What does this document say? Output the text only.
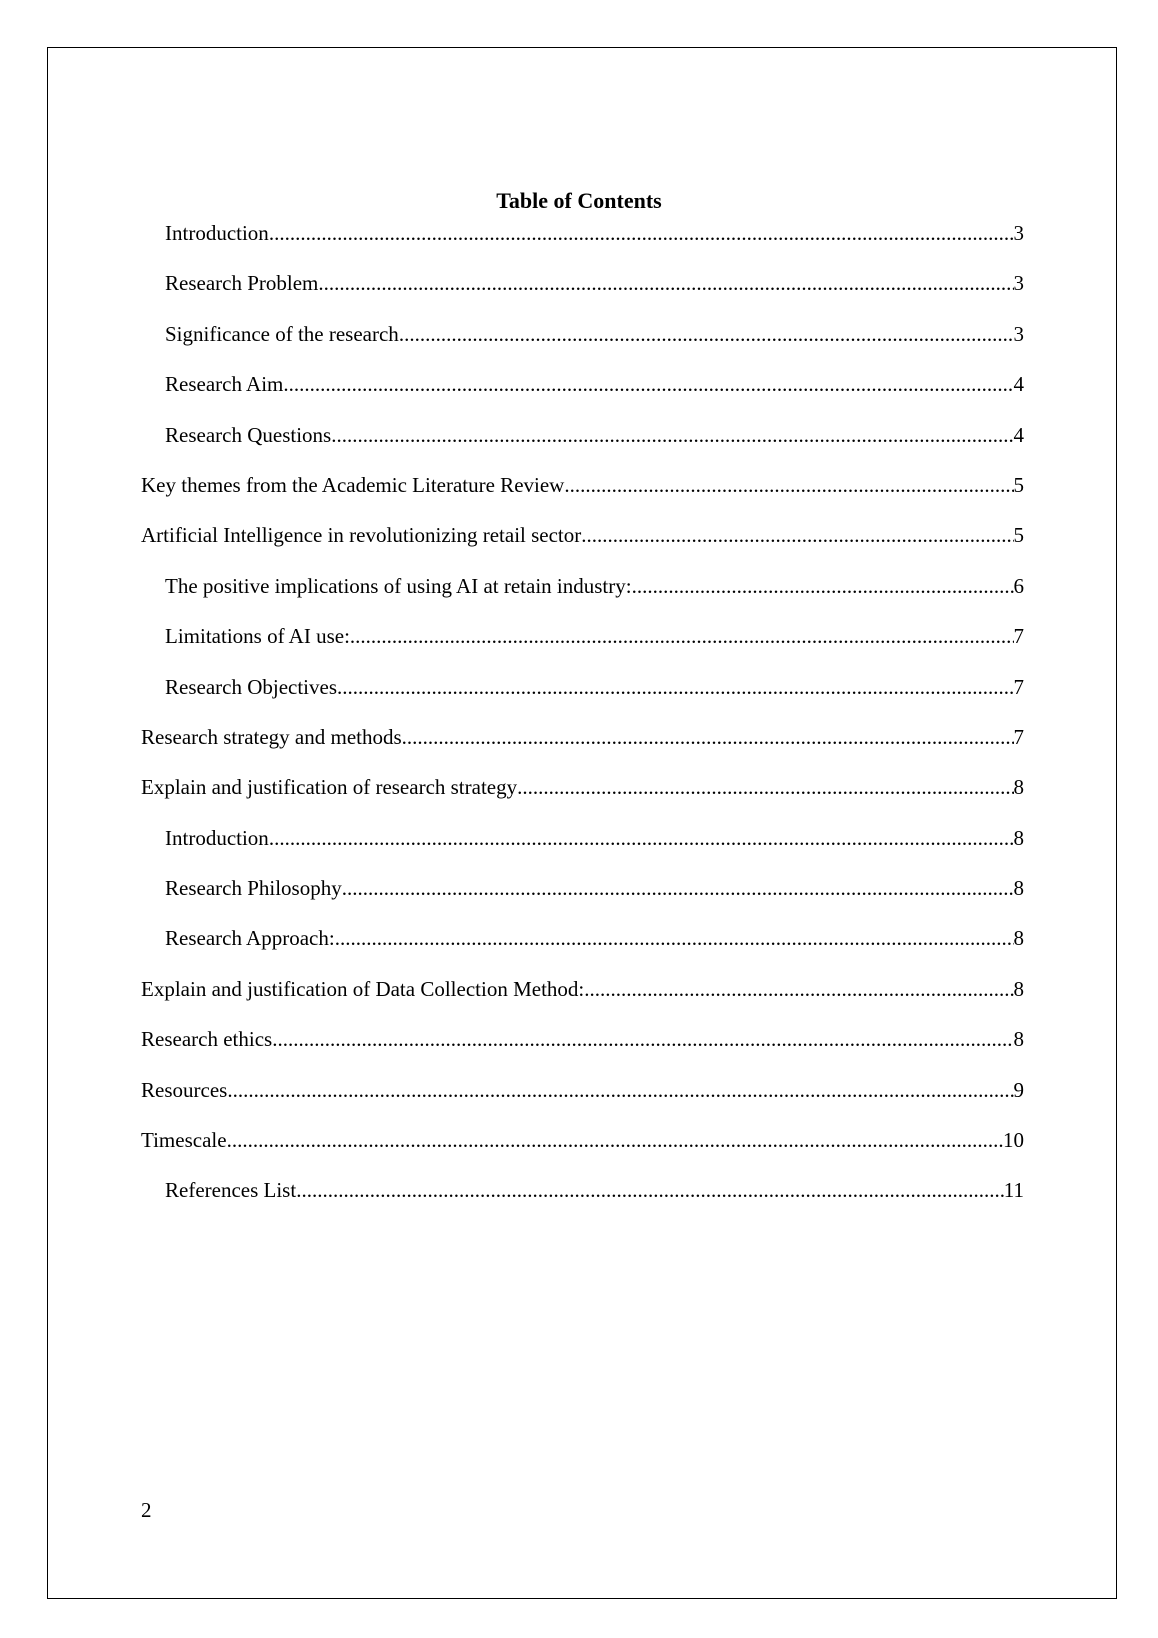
Table of Contents
Introduction .....	3
Research Problem .....	3
Significance of the research .....	3
Research Aim .....	4
Research Questions .....	4
Key themes from the Academic Literature Review .....	5
Artificial Intelligence in revolutionizing retail sector .....	5
The positive implications of using AI at retain industry: .....	6
Limitations of AI use: .....	7
Research Objectives .....	7
Research strategy and methods .....	7
Explain and justification of research strategy .....	8
Introduction .....	8
Research Philosophy .....	8
Research Approach: .....	8
Explain and justification of Data Collection Method: .....	8
Research ethics .....	8
Resources .....	9
Timescale .....	10
References List .....	11
2
